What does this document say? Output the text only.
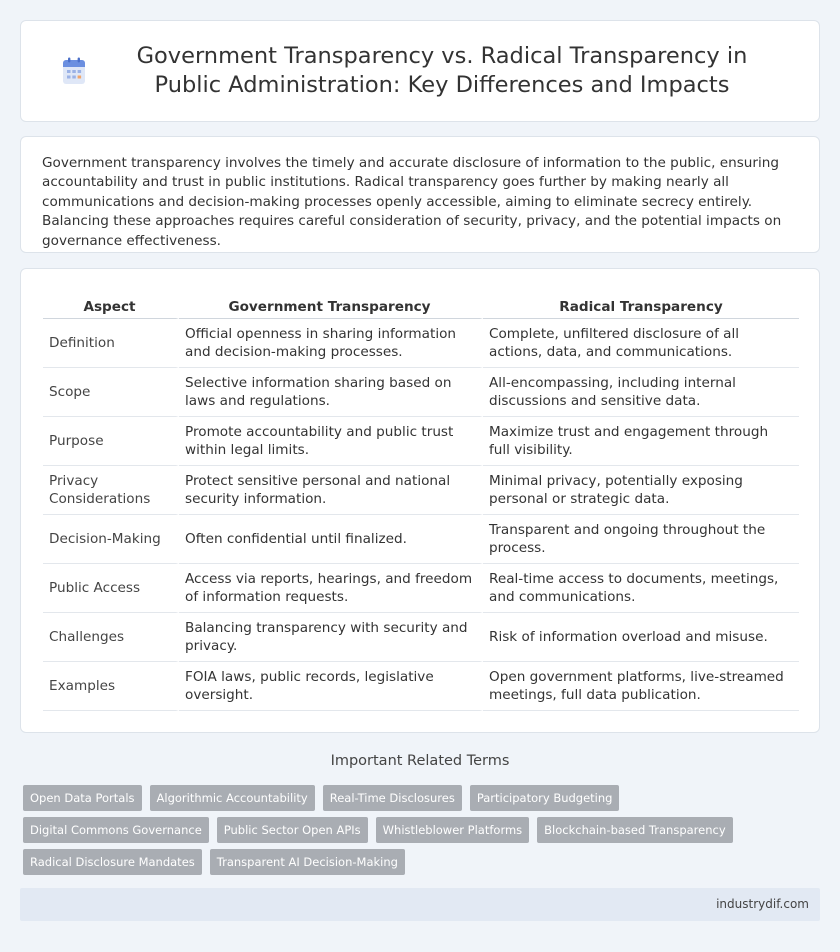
Government Transparency vs. Radical Transparency in Public Administration: Key Differences and Impacts

Government transparency involves the timely and accurate disclosure of information to the public, ensuring accountability and trust in public institutions. Radical transparency goes further by making nearly all communications and decision-making processes openly accessible, aiming to eliminate secrecy entirely. Balancing these approaches requires careful consideration of security, privacy, and the potential impacts on governance effectiveness.

Aspect	Government Transparency	Radical Transparency
Definition	Official openness in sharing information and decision-making processes.	Complete, unfiltered disclosure of all actions, data, and communications.
Scope	Selective information sharing based on laws and regulations.	All-encompassing, including internal discussions and sensitive data.
Purpose	Promote accountability and public trust within legal limits.	Maximize trust and engagement through full visibility.
Privacy Considerations	Protect sensitive personal and national security information.	Minimal privacy, potentially exposing personal or strategic data.
Decision-Making	Often confidential until finalized.	Transparent and ongoing throughout the process.
Public Access	Access via reports, hearings, and freedom of information requests.	Real-time access to documents, meetings, and communications.
Challenges	Balancing transparency with security and privacy.	Risk of information overload and misuse.
Examples	FOIA laws, public records, legislative oversight.	Open government platforms, live-streamed meetings, full data publication.
Important Related Terms
Open Data Portals	Algorithmic Accountability	Real-Time Disclosures	Participatory Budgeting
Digital Commons Governance	Public Sector Open APIs	Whistleblower Platforms	Blockchain-based Transparency
Radical Disclosure Mandates	Transparent AI Decision-Making
industrydif.com
